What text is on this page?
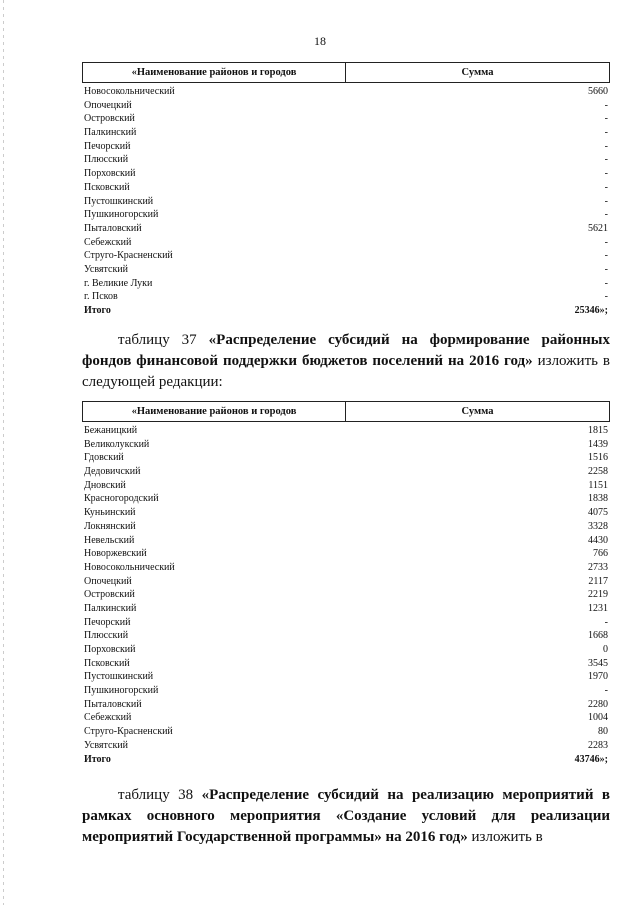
18
«Наименование районов и городов	Сумма
Новосокольнический	5660
Опочецкий	-
Островский	-
Палкинский	-
Печорский	-
Плюсский	-
Порховский	-
Псковский	-
Пустошкинский	-
Пушкиногорский	-
Пыталовский	5621
Себежский	-
Струго-Красненский	-
Усвятский	-
г. Великие Луки	-
г. Псков	-
Итого	25346»;
таблицу 37 «Распределение субсидий на формирование районных фондов финансовой поддержки бюджетов поселений на 2016 год» изложить в следующей редакции:
«Наименование районов и городов	Сумма
Бежаницкий	1815
Великолукский	1439
Гдовский	1516
Дедовичский	2258
Дновский	1151
Красногородский	1838
Куньинский	4075
Локнянский	3328
Невельский	4430
Новоржевский	766
Новосокольнический	2733
Опочецкий	2117
Островский	2219
Палкинский	1231
Печорский	-
Плюсский	1668
Порховский	0
Псковский	3545
Пустошкинский	1970
Пушкиногорский	-
Пыталовский	2280
Себежский	1004
Струго-Красненский	80
Усвятский	2283
Итого	43746»;
таблицу 38 «Распределение субсидий на реализацию мероприятий в рамках основного мероприятия «Создание условий для реализации мероприятий Государственной программы» на 2016 год» изложить в
